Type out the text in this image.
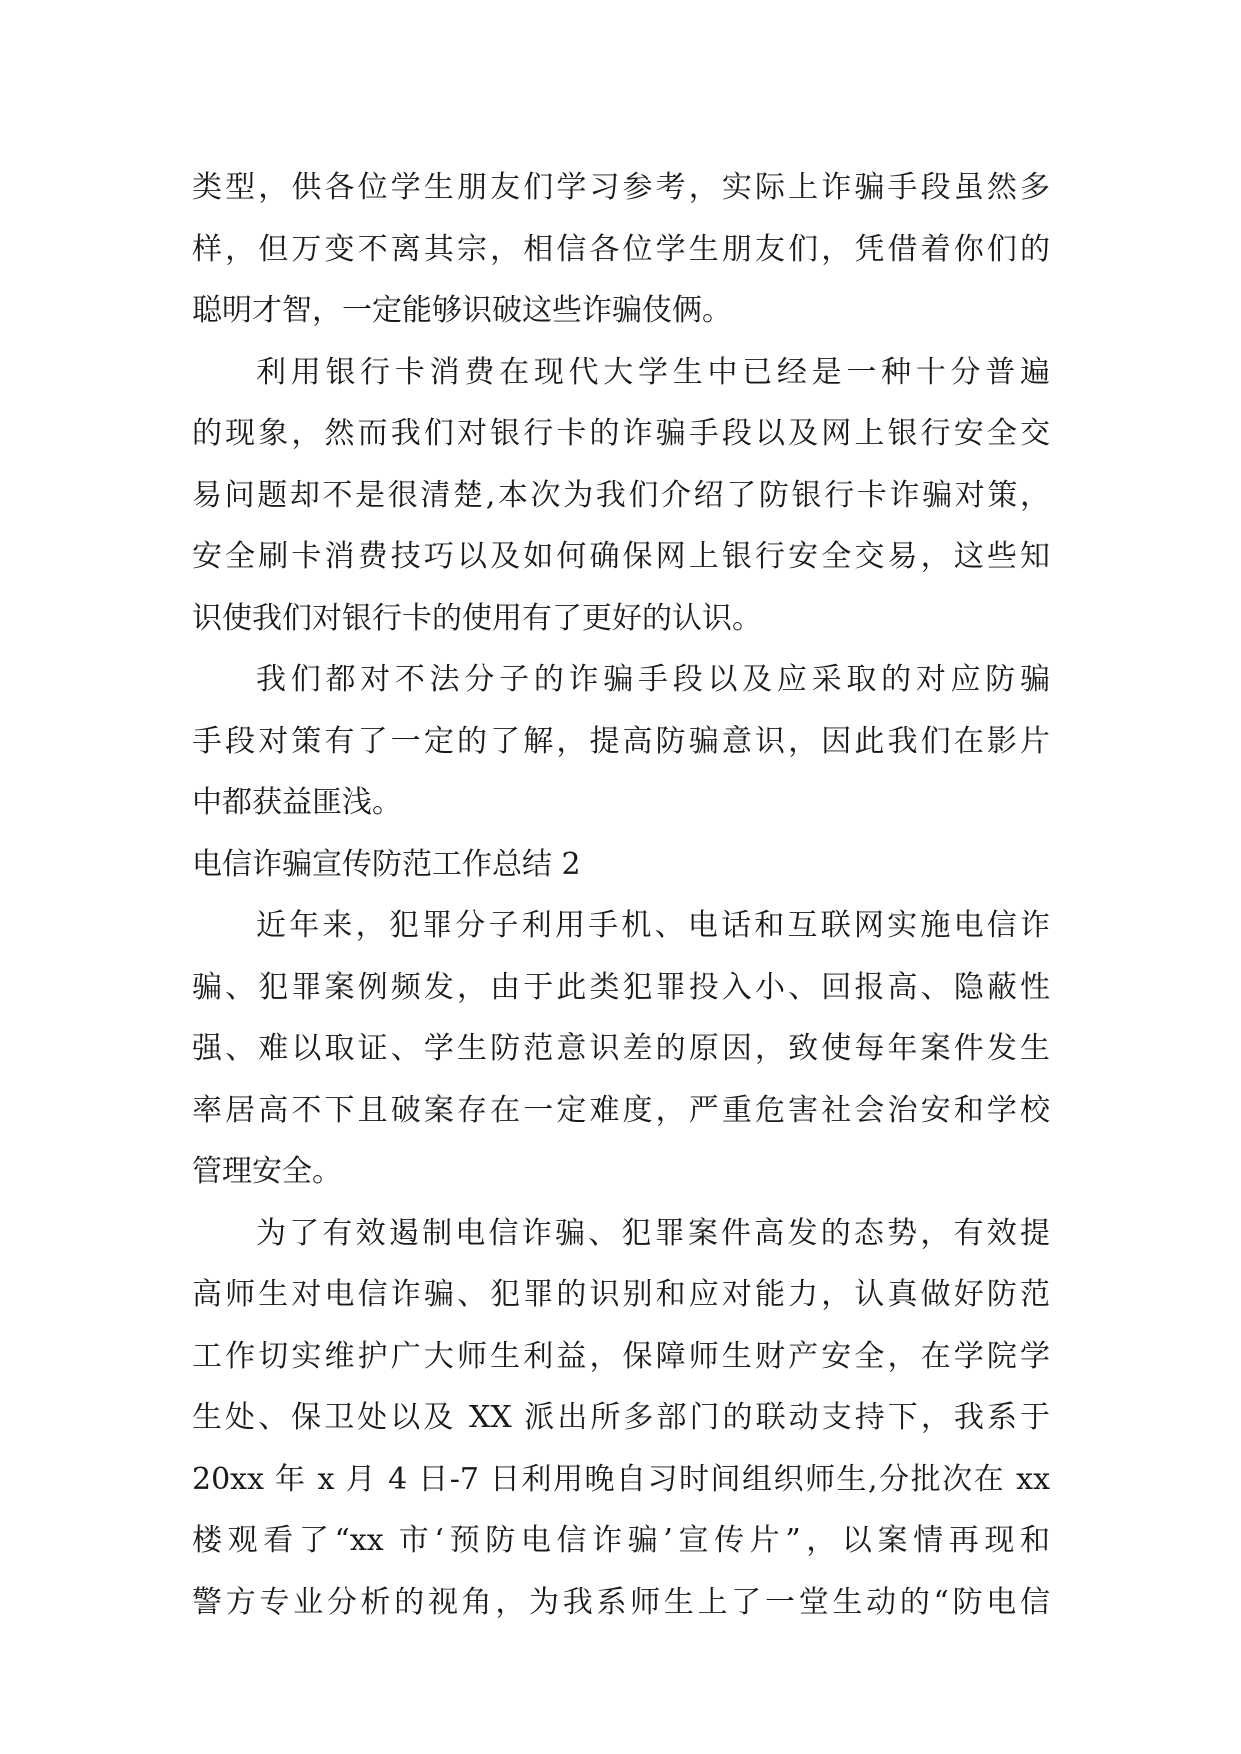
类型，供各位学生朋友们学习参考，实际上诈骗手段虽然多
样，但万变不离其宗，相信各位学生朋友们，凭借着你们的
聪明才智，一定能够识破这些诈骗伎俩。
利用银行卡消费在现代大学生中已经是一种十分普遍
的现象，然而我们对银行卡的诈骗手段以及网上银行安全交
易问题却不是很清楚,本次为我们介绍了防银行卡诈骗对策，
安全刷卡消费技巧以及如何确保网上银行安全交易，这些知
识使我们对银行卡的使用有了更好的认识。
我们都对不法分子的诈骗手段以及应采取的对应防骗
手段对策有了一定的了解，提高防骗意识，因此我们在影片
中都获益匪浅。
电信诈骗宣传防范工作总结 2
近年来，犯罪分子利用手机、电话和互联网实施电信诈
骗、犯罪案例频发，由于此类犯罪投入小、回报高、隐蔽性
强、难以取证、学生防范意识差的原因，致使每年案件发生
率居高不下且破案存在一定难度，严重危害社会治安和学校
管理安全。
为了有效遏制电信诈骗、犯罪案件高发的态势，有效提
高师生对电信诈骗、犯罪的识别和应对能力，认真做好防范
工作切实维护广大师生利益，保障师生财产安全，在学院学
生处、保卫处以及 XX 派出所多部门的联动支持下，我系于
20xx 年 x 月 4 日-7 日利用晚自习时间组织师生,分批次在 xx
楼观看了“xx 市‘预防电信诈骗’宣传片”，以案情再现和
警方专业分析的视角，为我系师生上了一堂生动的“防电信
